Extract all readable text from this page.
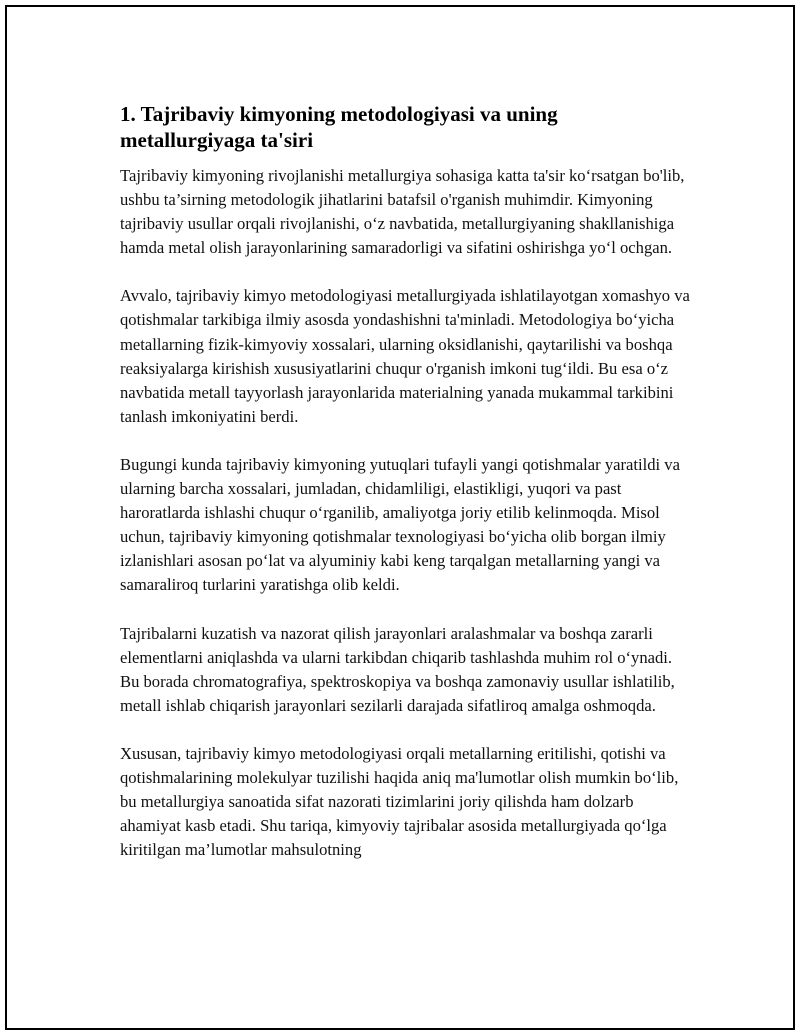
1. Tajribaviy kimyoning metodologiyasi va uning metallurgiyaga ta'siri

Tajribaviy kimyoning rivojlanishi metallurgiya sohasiga katta ta'sir ko‘rsatgan bo'lib, ushbu ta’sirning metodologik jihatlarini batafsil o'rganish muhimdir. Kimyoning tajribaviy usullar orqali rivojlanishi, o‘z navbatida, metallurgiyaning shakllanishiga hamda metal olish jarayonlarining samaradorligi va sifatini oshirishga yo‘l ochgan.

Avvalo, tajribaviy kimyo metodologiyasi metallurgiyada ishlatilayotgan xomashyo va qotishmalar tarkibiga ilmiy asosda yondashishni ta'minladi. Metodologiya bo‘yicha metallarning fizik-kimyoviy xossalari, ularning oksidlanishi, qaytarilishi va boshqa reaksiyalarga kirishish xususiyatlarini chuqur o'rganish imkoni tug‘ildi. Bu esa o‘z navbatida metall tayyorlash jarayonlarida materialning yanada mukammal tarkibini tanlash imkoniyatini berdi.

Bugungi kunda tajribaviy kimyoning yutuqlari tufayli yangi qotishmalar yaratildi va ularning barcha xossalari, jumladan, chidamliligi, elastikligi, yuqori va past haroratlarda ishlashi chuqur o‘rganilib, amaliyotga joriy etilib kelinmoqda. Misol uchun, tajribaviy kimyoning qotishmalar texnologiyasi bo‘yicha olib borgan ilmiy izlanishlari asosan po‘lat va alyuminiy kabi keng tarqalgan metallarning yangi va samaraliroq turlarini yaratishga olib keldi.

Tajribalarni kuzatish va nazorat qilish jarayonlari aralashmalar va boshqa zararli elementlarni aniqlashda va ularni tarkibdan chiqarib tashlashda muhim rol o‘ynadi. Bu borada chromatografiya, spektroskopiya va boshqa zamonaviy usullar ishlatilib, metall ishlab chiqarish jarayonlari sezilarli darajada sifatliroq amalga oshmoqda.

Xususan, tajribaviy kimyo metodologiyasi orqali metallarning eritilishi, qotishi va qotishmalarining molekulyar tuzilishi haqida aniq ma'lumotlar olish mumkin bo‘lib, bu metallurgiya sanoatida sifat nazorati tizimlarini joriy qilishda ham dolzarb ahamiyat kasb etadi. Shu tariqa, kimyoviy tajribalar asosida metallurgiyada qo‘lga kiritilgan ma’lumotlar mahsulotning
